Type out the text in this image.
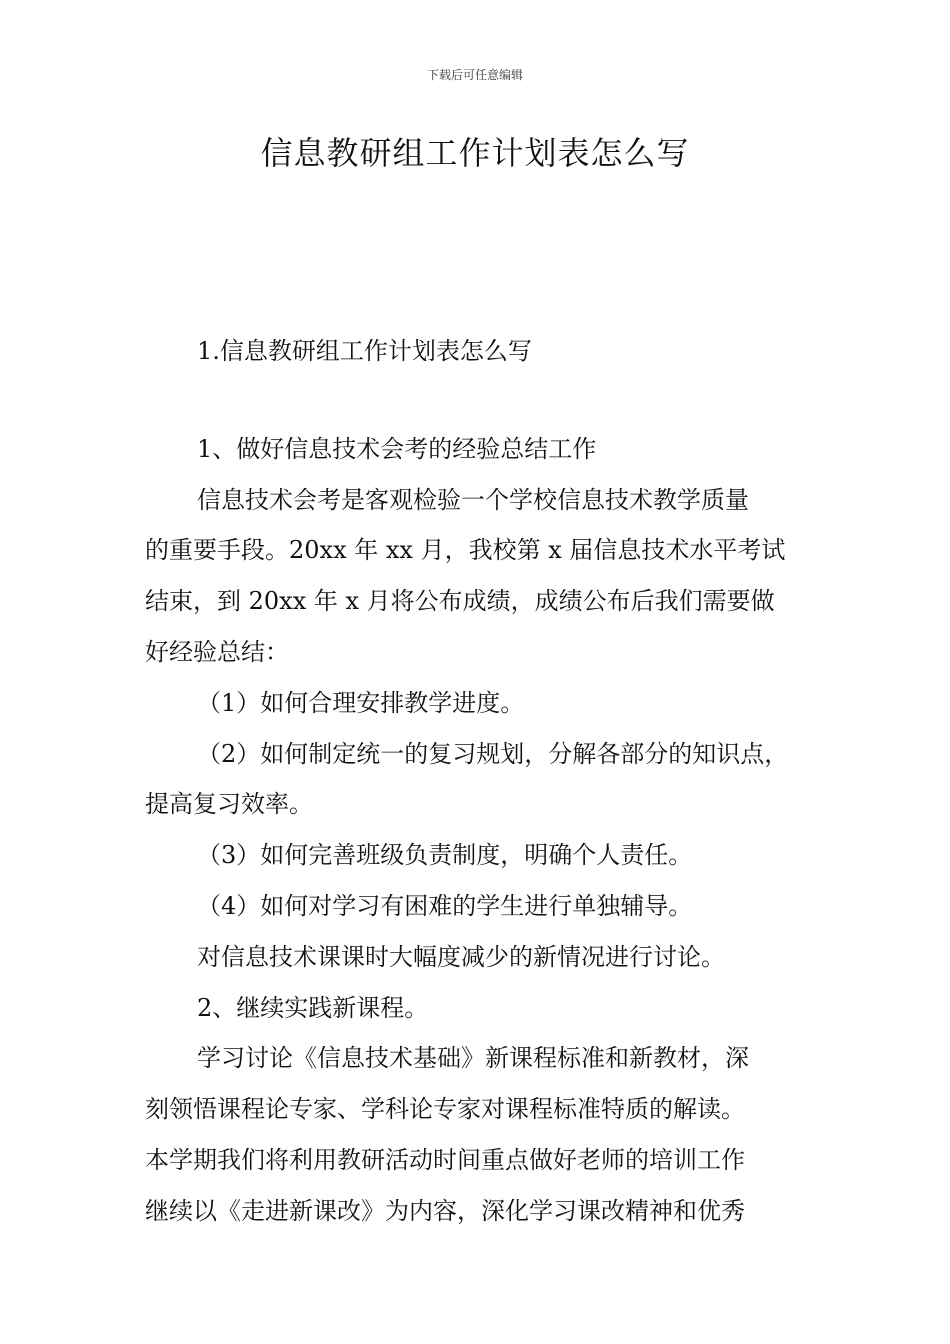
下载后可任意编辑
信息教研组工作计划表怎么写
1.信息教研组工作计划表怎么写
1、做好信息技术会考的经验总结工作
信息技术会考是客观检验一个学校信息技术教学质量
的重要手段。20xx 年 xx 月，我校第 x 届信息技术水平考试
结束，到 20xx 年 x 月将公布成绩，成绩公布后我们需要做
好经验总结：
（1）如何合理安排教学进度。
（2）如何制定统一的复习规划，分解各部分的知识点，
提高复习效率。
（3）如何完善班级负责制度，明确个人责任。
（4）如何对学习有困难的学生进行单独辅导。
对信息技术课课时大幅度减少的新情况进行讨论。
2、继续实践新课程。
学习讨论《信息技术基础》新课程标准和新教材，深
刻领悟课程论专家、学科论专家对课程标准特质的解读。
本学期我们将利用教研活动时间重点做好老师的培训工作
继续以《走进新课改》为内容，深化学习课改精神和优秀
